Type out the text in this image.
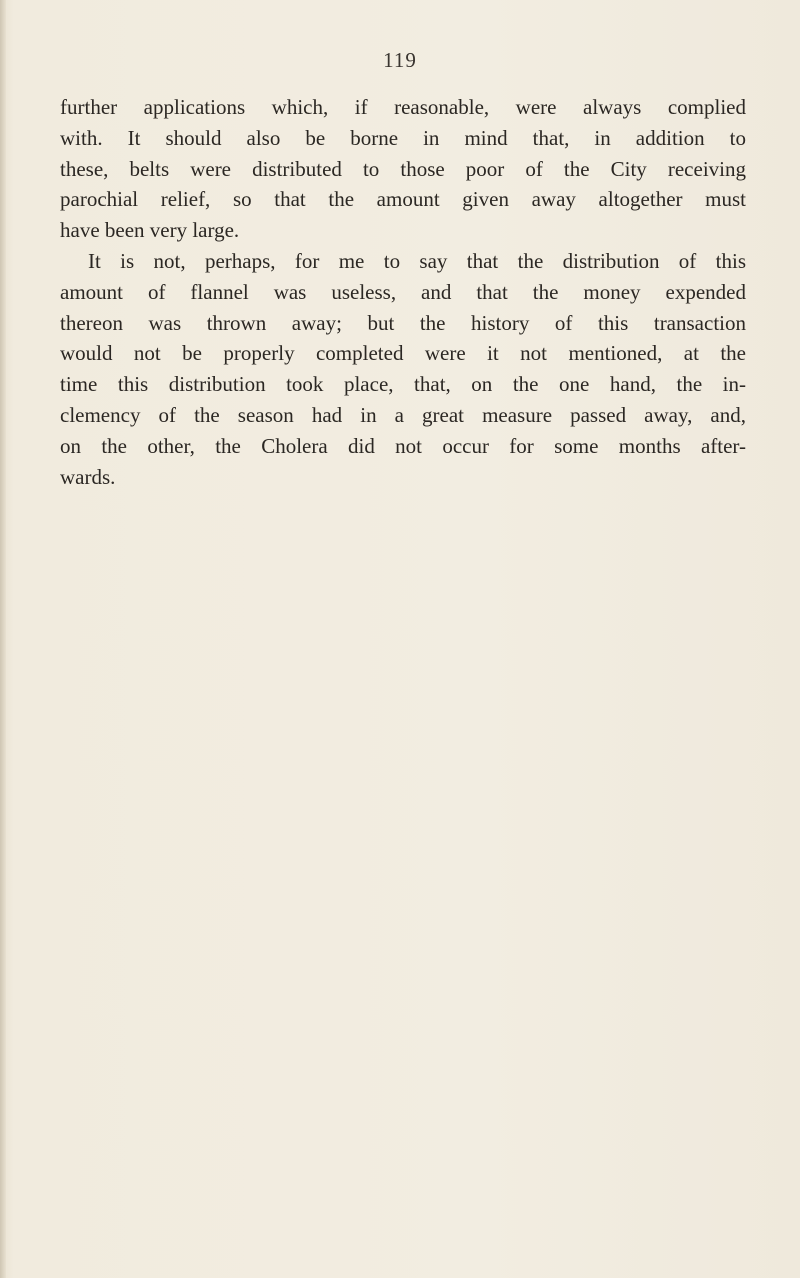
119

further applications which, if reasonable, were always complied

with. It should also be borne in mind that, in addition to

these, belts were distributed to those poor of the City receiving

parochial relief, so that the amount given away altogether must

have been very large.

It is not, perhaps, for me to say that the distribution of this

amount of flannel was useless, and that the money expended

thereon was thrown away; but the history of this transaction

would not be properly completed were it not mentioned, at the

time this distribution took place, that, on the one hand, the in-

clemency of the season had in a great measure passed away, and,

on the other, the Cholera did not occur for some months after-

wards.
